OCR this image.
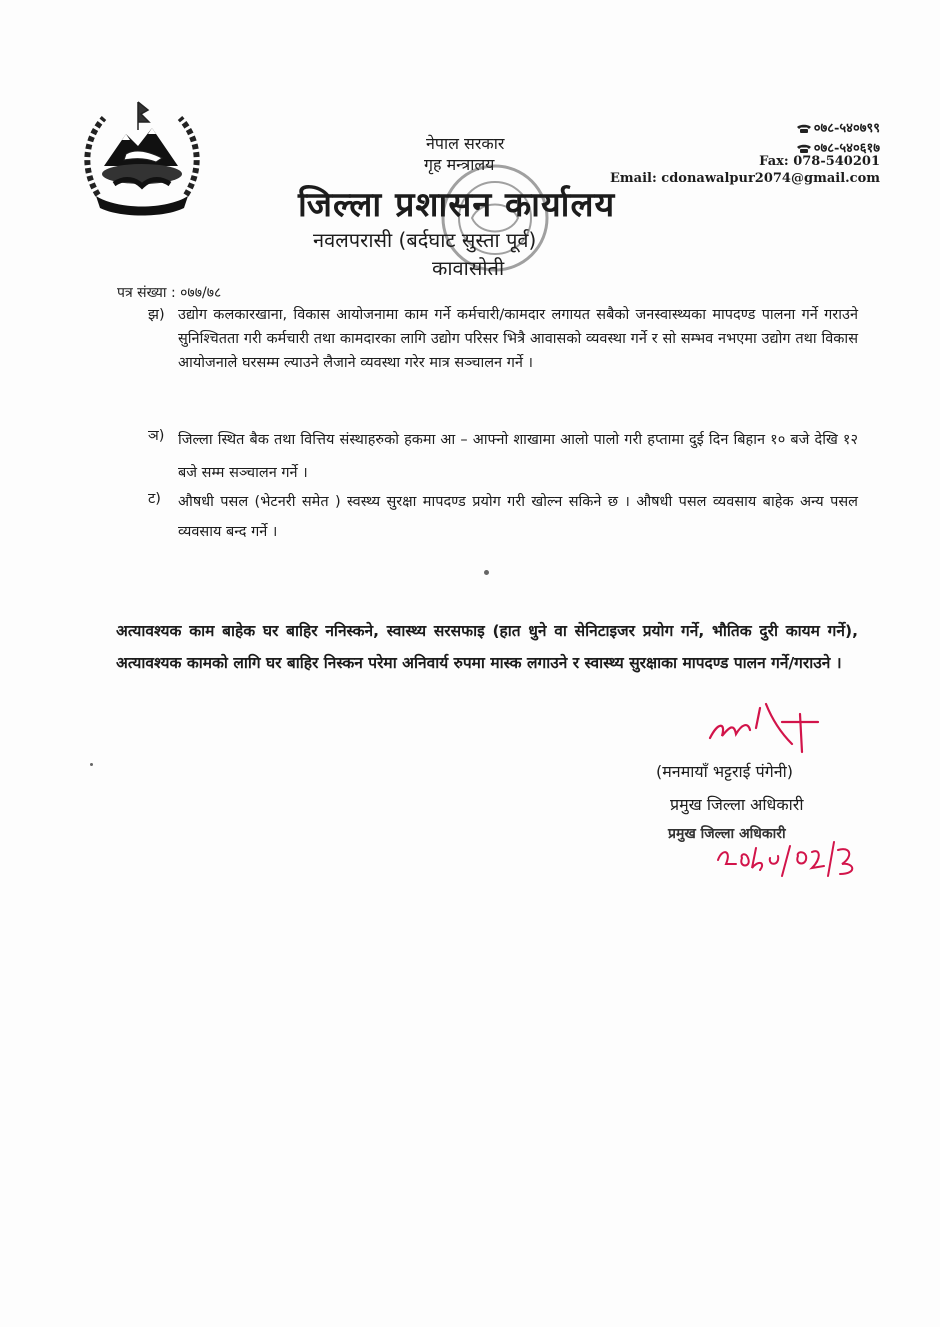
नेपाल सरकार
गृह मन्त्रालय
जिल्ला प्रशासन कार्यालय
नवलपरासी (बर्दघाट सुस्ता पूर्व)
कावासोती
०७८-५४०७९९
०७८-५४०६१७
Fax: 078-540201
Email: cdonawalpur2074@gmail.com
पत्र संख्या : ०७७/७८
झ) उद्योग कलकारखाना, विकास आयोजनामा काम गर्ने कर्मचारी/कामदार लगायत सबैको जनस्वास्थ्यका मापदण्ड पालना गर्ने गराउने सुनिश्चितता गरी कर्मचारी तथा कामदारका लागि उद्योग परिसर भित्रै आवासको व्यवस्था गर्ने र सो सम्भव नभएमा उद्योग तथा विकास आयोजनाले घरसम्म ल्याउने लैजाने व्यवस्था गरेर मात्र सञ्चालन गर्ने ।
ञ) जिल्ला स्थित बैक तथा वित्तिय संस्थाहरुको हकमा आ – आफ्नो शाखामा आलो पालो गरी हप्तामा दुई दिन बिहान १० बजे देखि १२ बजे सम्म सञ्चालन गर्ने ।
ट)	औषधी पसल (भेटनरी समेत ) स्वस्थ्य सुरक्षा मापदण्ड प्रयोग गरी खोल्न सकिने छ । औषधी पसल व्यवसाय बाहेक अन्य पसल व्यवसाय बन्द गर्ने ।
अत्यावश्यक काम बाहेक घर बाहिर ननिस्कने, स्वास्थ्य सरसफाइ (हात धुने वा सेनिटाइजर प्रयोग गर्ने, भौतिक दुरी कायम गर्ने), अत्यावश्यक कामको लागि घर बाहिर निस्कन परेमा अनिवार्य रुपमा मास्क लगाउने र स्वास्थ्य सुरक्षाका मापदण्ड पालन गर्ने/गराउने ।
(मनमायाँ भट्टराई पंगेनी)
प्रमुख जिल्ला अधिकारी
प्रमुख जिल्ला अधिकारी
